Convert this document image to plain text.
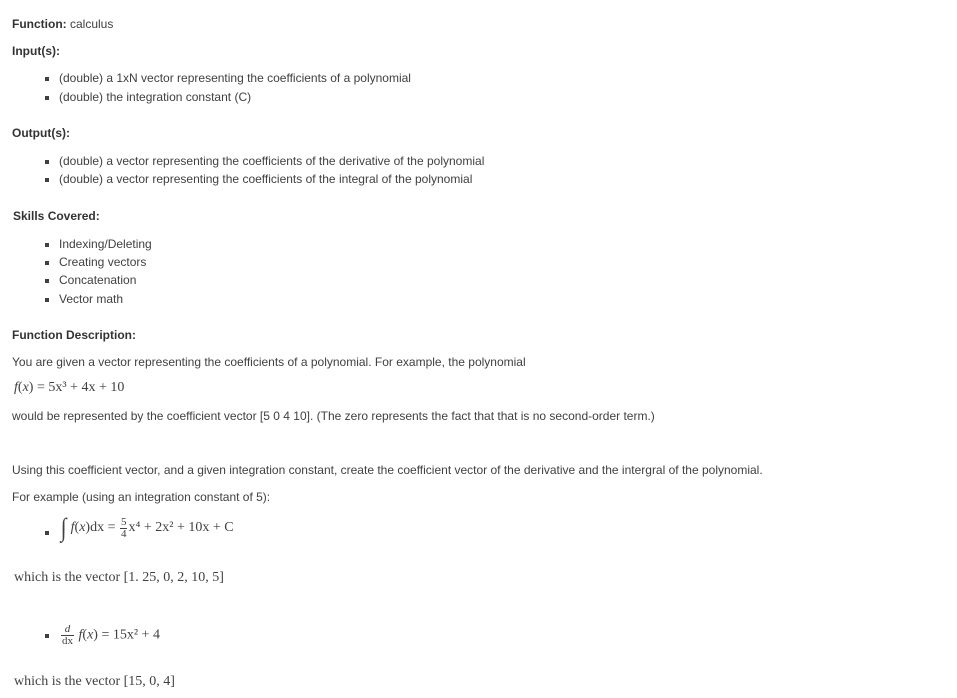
Function: calculus
Input(s):
(double) a 1xN vector representing the coefficients of a polynomial
(double) the integration constant (C)
Output(s):
(double) a vector representing the coefficients of the derivative of the polynomial
(double) a vector representing the coefficients of the integral of the polynomial
Skills Covered:
Indexing/Deleting
Creating vectors
Concatenation
Vector math
Function Description:
You are given a vector representing the coefficients of a polynomial. For example, the polynomial
f(x) = 5x³ + 4x + 10
would be represented by the coefficient vector [5 0 4 10]. (The zero represents the fact that that is no second-order term.)
Using this coefficient vector, and a given integration constant, create the coefficient vector of the derivative and the intergral of the polynomial.
For example (using an integration constant of 5):
∫ $f(x)dx = \frac{5}{4} x^4 + 2x^2 + 10x + C$
which is the vector [1. 25, 0, 2, 10, 5]
$\frac{d}{dx} f(x) = 15x^2 + 4$
which is the vector [15, 0, 4]
